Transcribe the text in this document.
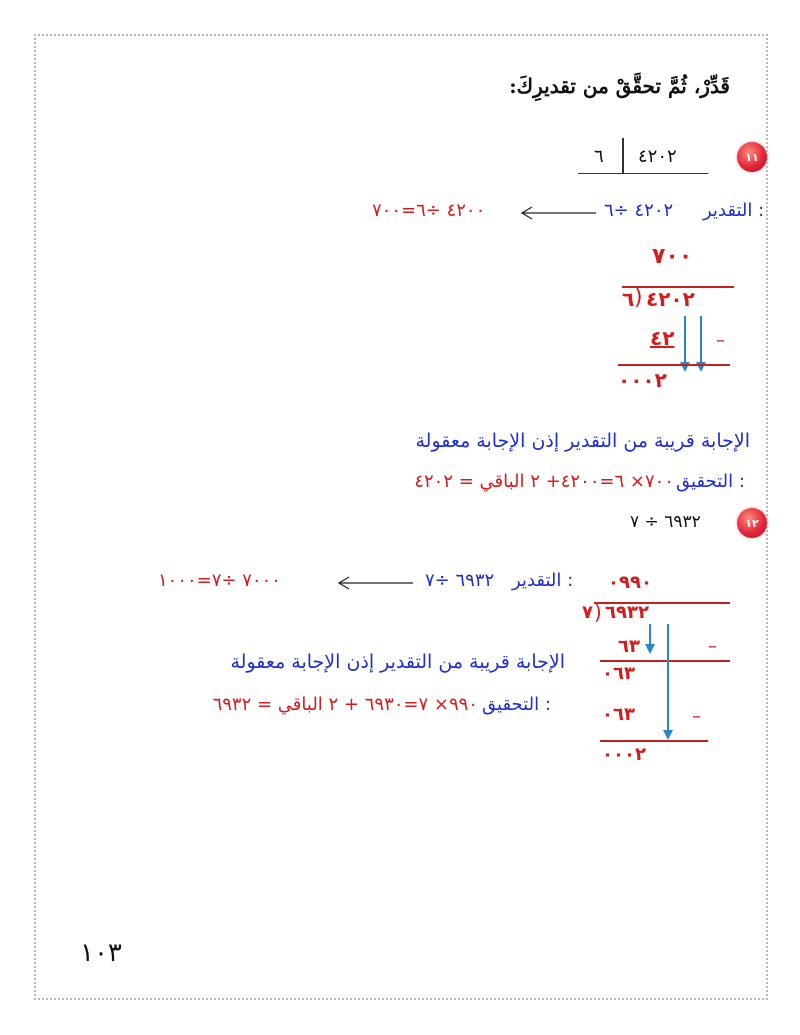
قَدِّرْ، ثُمَّ تحقَّقْ من تقديرِكَ:
١١
٦ ٤٢٠٢
التقدير :
٤٢٠٢ ÷٦
٤٢٠٠ ÷٦=٧٠٠
٧٠٠
٦ ) ٤٢٠٢
٤٢ –
٠٠٠٢
الإجابة قريبة من التقدير إذن الإجابة معقولة
التحقيق :
٧٠٠× ٦=٤٢٠٠+ ٢ الباقي = ٤٢٠٢
١٢
٦٩٣٢ ÷ ٧
التقدير :
٦٩٣٢ ÷٧
٧٠٠٠ ÷٧=١٠٠٠	٠٩٩٠
٧ ) ٦٩٣٢
٦٣	–
٠٦٣
٠٦٣	–
٠٠٠٢
الإجابة قريبة من التقدير إذن الإجابة معقولة
التحقيق :
٩٩٠× ٧=٦٩٣٠ + ٢ الباقي = ٦٩٣٢
١٠٣
